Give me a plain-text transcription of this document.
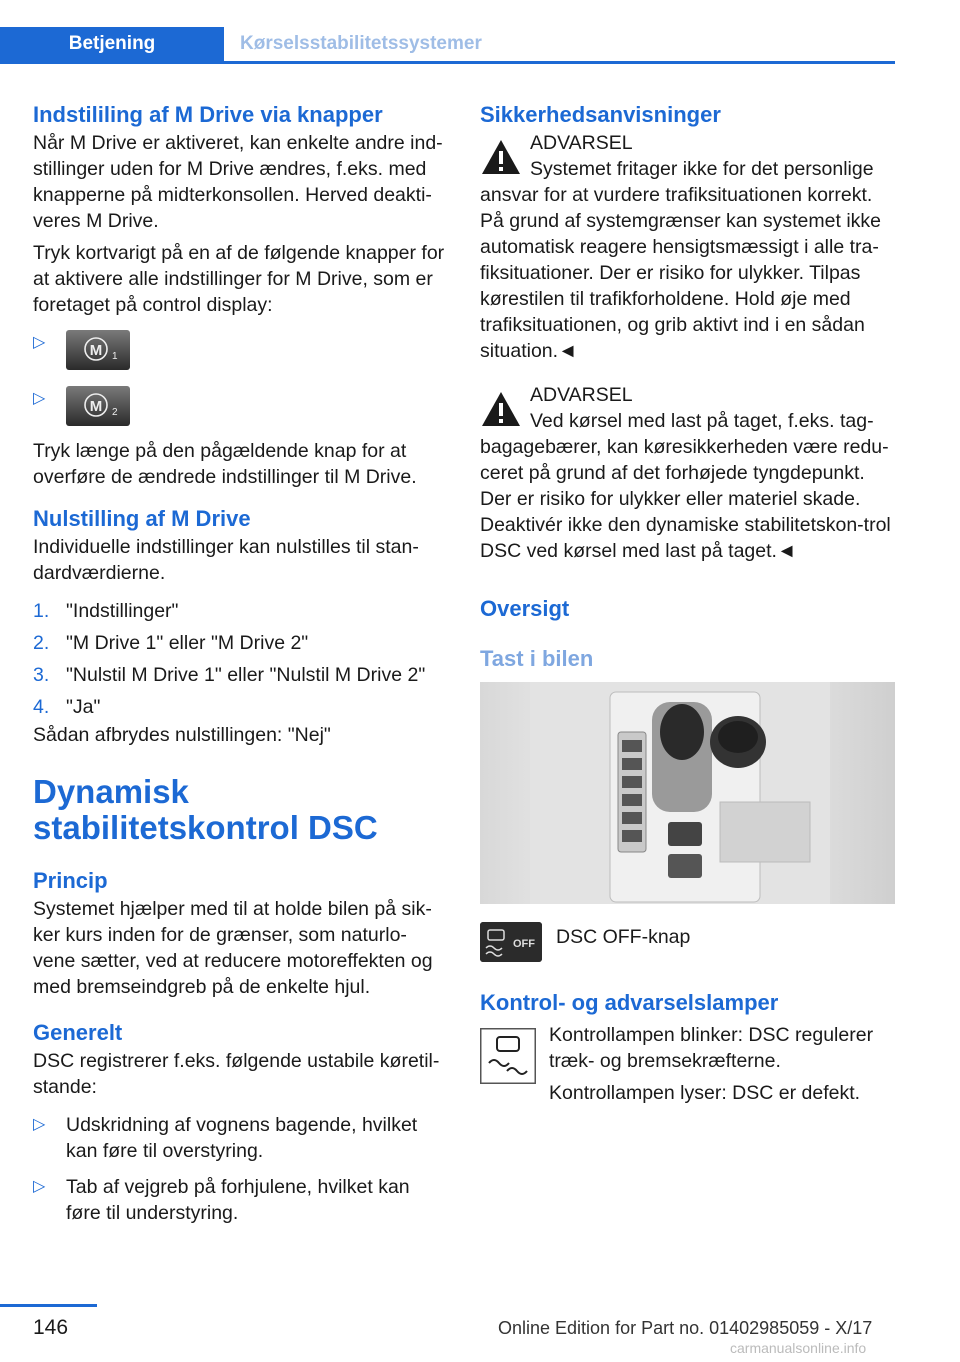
Betjening	Kørselsstabilitetssystemer
Indstililing af M Drive via knapper

Når M Drive er aktiveret, kan enkelte andre ind-stillinger uden for M Drive ændres, f.eks. med knapperne på midterkonsollen. Herved deakti-veres M Drive.

Tryk kortvarigt på en af de følgende knapper for at aktivere alle indstillinger for M Drive, som er foretaget på control display:

▷	M 1
▷	M 2

Tryk længe på den pågældende knap for at overføre de ændrede indstillinger til M Drive.

Nulstilling af M Drive

Individuelle indstillinger kan nulstilles til stan-dardværdierne.

1. "Indstillinger"
2. "M Drive 1" eller "M Drive 2"
3. "Nulstil M Drive 1" eller "Nulstil M Drive 2"
4. "Ja"

Sådan afbrydes nulstillingen: "Nej"

Dynamisk stabilitetskontrol DSC
Princip

Systemet hjælper med til at holde bilen på sik-ker kurs inden for de grænser, som naturlo-vene sætter, ved at reducere motoreffekten og med bremseindgreb på de enkelte hjul.

Generelt

DSC registrerer f.eks. følgende ustabile køretil-stande:

▷ Udskridning af vognens bagende, hvilket kan føre til overstyring.
▷ Tab af vejgreb på forhjulene, hvilket kan føre til understyring.
Sikkerhedsanvisninger
ADVARSEL
Systemet fritager ikke for det personlige ansvar for at vurdere trafiksituationen korrekt. På grund af systemgrænser kan systemet ikke automatisk reagere hensigtsmæssigt i alle tra-fiksituationer. Der er risiko for ulykker. Tilpas kørestilen til trafikforholdene. Hold øje med trafiksituationen, og grib aktivt ind i en sådan situation.◄
ADVARSEL
Ved kørsel med last på taget, f.eks. tag-bagagebærer, kan køresikkerheden være redu-ceret på grund af det forhøjede tyngdepunkt. Der er risiko for ulykker eller materiel skade. Deaktivér ikke den dynamiske stabilitetskon-trol DSC ved kørsel med last på taget.◄
Oversigt
Tast i bilen
OFF	DSC OFF-knap
Kontrol- og advarselslamper

Kontrollampen blinker: DSC regulerer træk- og bremsekræfterne.

Kontrollampen lyser: DSC er defekt.

146	Online Edition for Part no. 01402985059 - X/17
carmanualsonline.info
